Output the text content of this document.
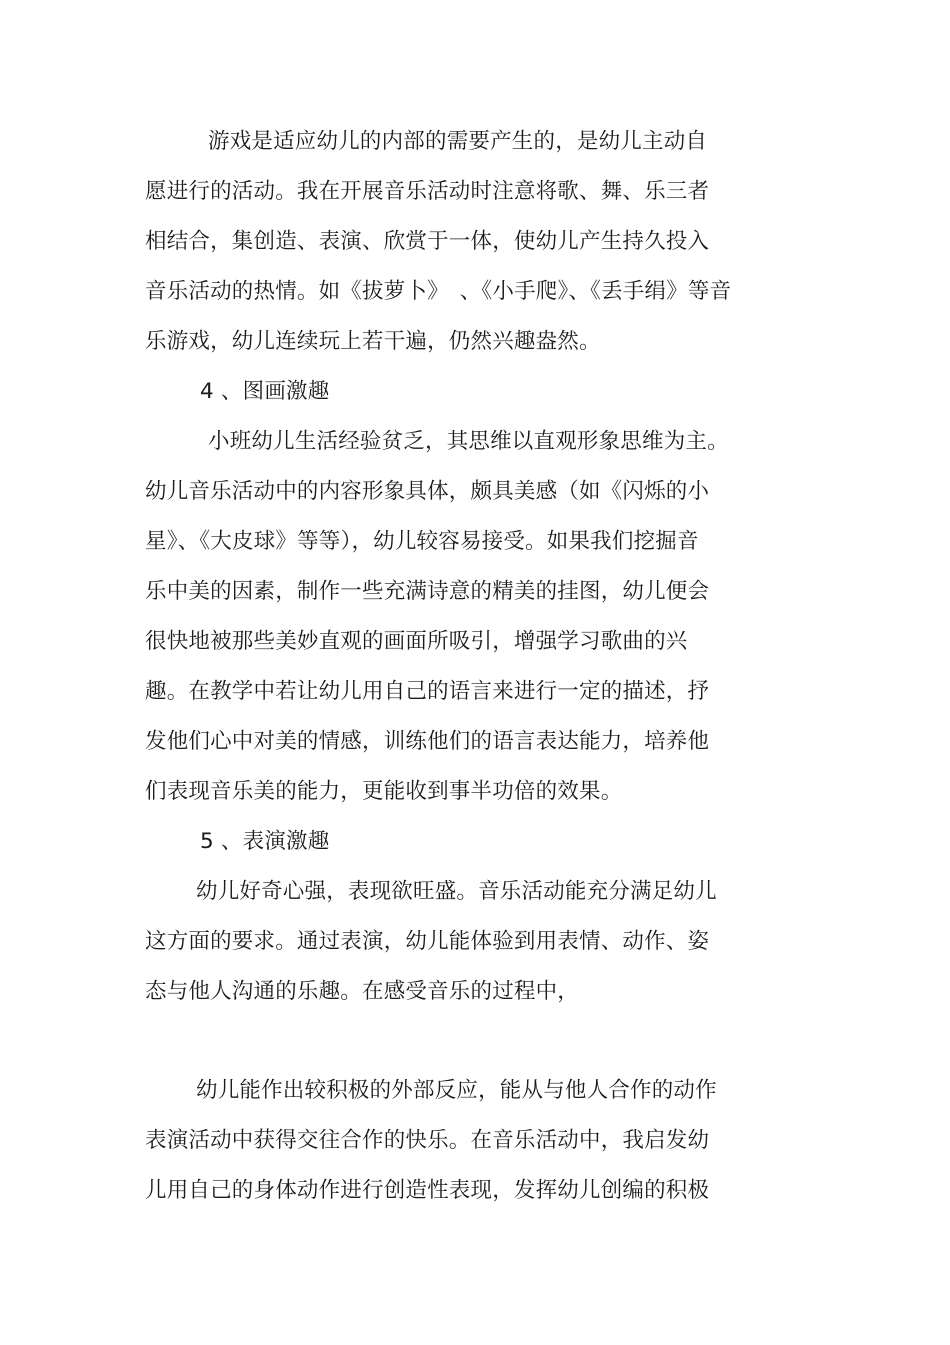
游戏是适应幼儿的内部的需要产生的，是幼儿主动自
愿进行的活动。我在开展音乐活动时注意将歌、舞、乐三者
相结合，集创造、表演、欣赏于一体，使幼儿产生持久投入
音乐活动的热情。如《拔萝卜》　、《小手爬》、《丢手绢》等音
乐游戏，幼儿连续玩上若干遍，仍然兴趣盎然。
4 、图画激趣
小班幼儿生活经验贫乏，其思维以直观形象思维为主。
幼儿音乐活动中的内容形象具体，颇具美感（如《闪烁的小
星》、《大皮球》等等），幼儿较容易接受。如果我们挖掘音
乐中美的因素，制作一些充满诗意的精美的挂图，幼儿便会
很快地被那些美妙直观的画面所吸引，增强学习歌曲的兴
趣。在教学中若让幼儿用自己的语言来进行一定的描述，抒
发他们心中对美的情感，训练他们的语言表达能力，培养他
们表现音乐美的能力，更能收到事半功倍的效果。
5 、表演激趣
幼儿好奇心强，表现欲旺盛。音乐活动能充分满足幼儿
这方面的要求。通过表演，幼儿能体验到用表情、动作、姿
态与他人沟通的乐趣。在感受音乐的过程中，
幼儿能作出较积极的外部反应，能从与他人合作的动作
表演活动中获得交往合作的快乐。在音乐活动中，我启发幼
儿用自己的身体动作进行创造性表现，发挥幼儿创编的积极
